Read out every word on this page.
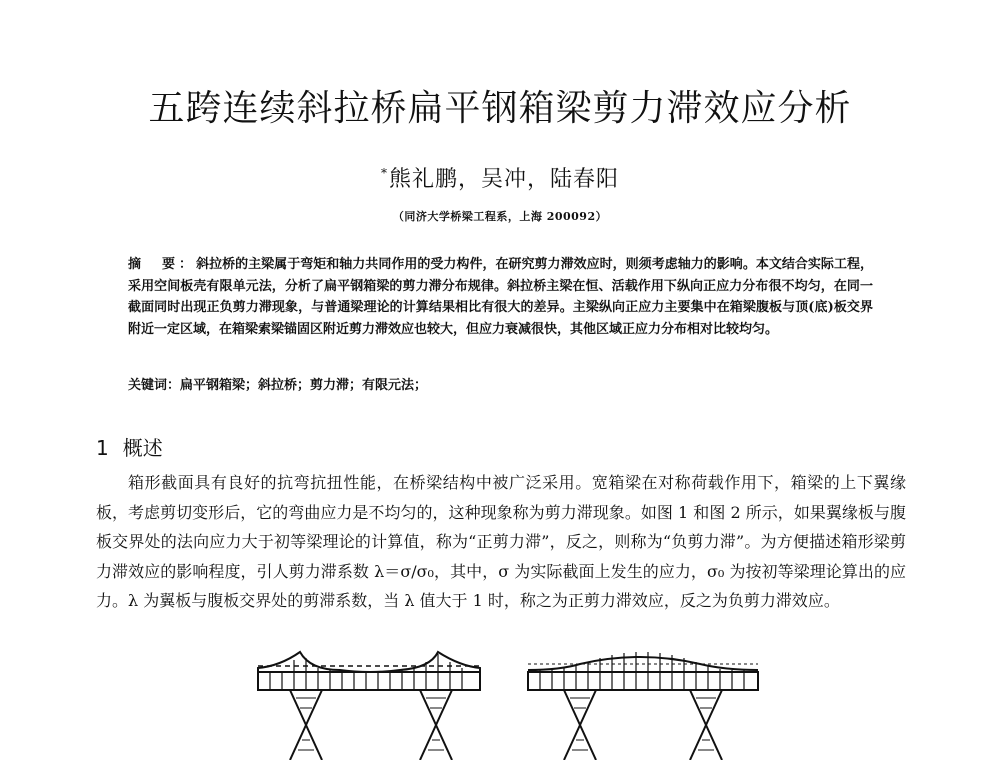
五跨连续斜拉桥扁平钢箱梁剪力滞效应分析
*熊礼鹏，吴冲，陆春阳
（同济大学桥梁工程系，上海 200092）

摘　要：斜拉桥的主梁属于弯矩和轴力共同作用的受力构件，在研究剪力滞效应时，则须考虑轴力的影响。本文结合实际工程，采用空间板壳有限单元法，分析了扁平钢箱梁的剪力滞分布规律。斜拉桥主梁在恒、活载作用下纵向正应力分布很不均匀，在同一截面同时出现正负剪力滞现象，与普通梁理论的计算结果相比有很大的差异。主梁纵向正应力主要集中在箱梁腹板与顶(底)板交界附近一定区域，在箱梁索梁锚固区附近剪力滞效应也较大，但应力衰减很快，其他区域正应力分布相对比较均匀。

关键词：扁平钢箱梁；斜拉桥；剪力滞；有限元法；
1 概述

箱形截面具有良好的抗弯抗扭性能，在桥梁结构中被广泛采用。宽箱梁在对称荷载作用下，箱梁的上下翼缘板，考虑剪切变形后，它的弯曲应力是不均匀的，这种现象称为剪力滞现象。如图 1 和图 2 所示，如果翼缘板与腹板交界处的法向应力大于初等梁理论的计算值，称为“正剪力滞”，反之，则称为“负剪力滞”。为方便描述箱形梁剪力滞效应的影响程度，引人剪力滞系数 λ＝σ/σ₀，其中，σ 为实际截面上发生的应力，σ₀ 为按初等梁理论算出的应力。λ 为翼板与腹板交界处的剪滞系数，当 λ 值大于 1 时，称之为正剪力滞效应，反之为负剪力滞效应。
